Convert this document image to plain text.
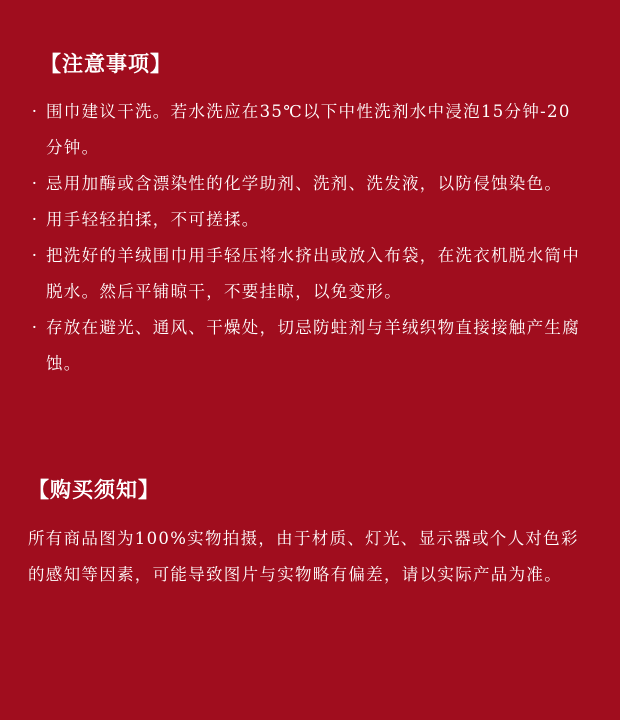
【注意事项】
· 围巾建议干洗。若水洗应在35℃以下中性洗剂水中浸泡15分钟-20分钟。
· 忌用加酶或含漂染性的化学助剂、洗剂、洗发液，以防侵蚀染色。
· 用手轻轻拍揉，不可搓揉。
· 把洗好的羊绒围巾用手轻压将水挤出或放入布袋，在洗衣机脱水筒中脱水。然后平铺晾干，不要挂晾，以免变形。
· 存放在避光、通风、干燥处，切忌防蛀剂与羊绒织物直接接触产生腐蚀。
【购买须知】

所有商品图为100%实物拍摄，由于材质、灯光、显示器或个人对色彩的感知等因素，可能导致图片与实物略有偏差，请以实际产品为准。
